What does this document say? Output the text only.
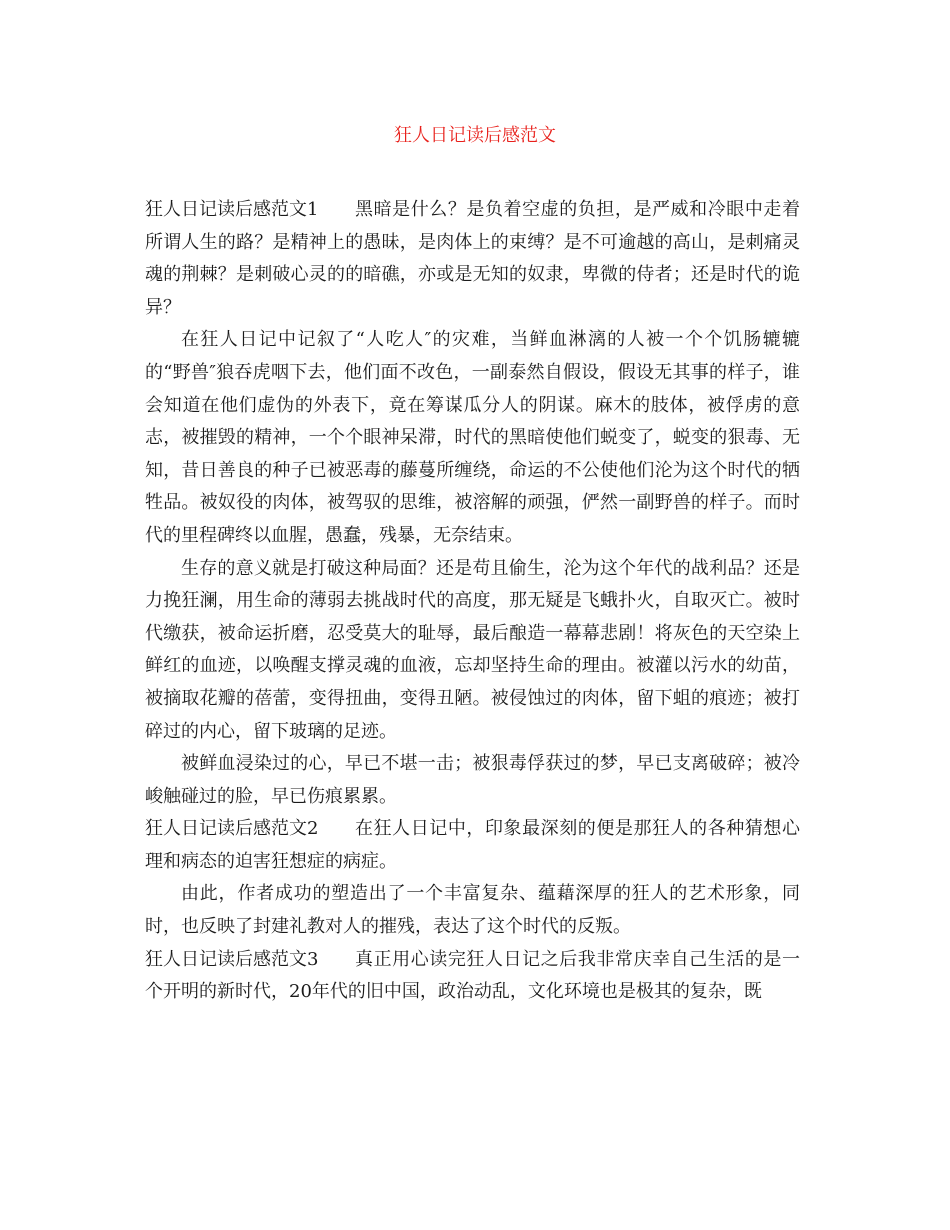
狂人日记读后感范文

狂人日记读后感范文1 黑暗是什么？是负着空虚的负担，是严威和冷眼中走着所谓人生的路？是精神上的愚昧，是肉体上的束缚？是不可逾越的高山，是刺痛灵魂的荆棘？是刺破心灵的的暗礁，亦或是无知的奴隶，卑微的侍者；还是时代的诡异？

在狂人日记中记叙了“人吃人″的灾难，当鲜血淋漓的人被一个个饥肠辘辘的“野兽″狼吞虎咽下去，他们面不改色，一副泰然自假设，假设无其事的样子，谁会知道在他们虚伪的外表下，竟在筹谋瓜分人的阴谋。麻木的肢体，被俘虏的意志，被摧毁的精神，一个个眼神呆滞，时代的黑暗使他们蜕变了，蜕变的狠毒、无知，昔日善良的种子已被恶毒的藤蔓所缠绕，命运的不公使他们沦为这个时代的牺牲品。被奴役的肉体，被驾驭的思维，被溶解的顽强，俨然一副野兽的样子。而时代的里程碑终以血腥，愚蠢，残暴，无奈结束。

生存的意义就是打破这种局面？还是苟且偷生，沦为这个年代的战利品？还是力挽狂澜，用生命的薄弱去挑战时代的高度，那无疑是飞蛾扑火，自取灭亡。被时代缴获，被命运折磨，忍受莫大的耻辱，最后酿造一幕幕悲剧！将灰色的天空染上鲜红的血迹，以唤醒支撑灵魂的血液，忘却坚持生命的理由。被灌以污水的幼苗，被摘取花瓣的蓓蕾，变得扭曲，变得丑陋。被侵蚀过的肉体，留下蛆的痕迹；被打碎过的内心，留下玻璃的足迹。

被鲜血浸染过的心，早已不堪一击；被狠毒俘获过的梦，早已支离破碎；被冷峻触碰过的脸，早已伤痕累累。

狂人日记读后感范文2 在狂人日记中，印象最深刻的便是那狂人的各种猜想心理和病态的迫害狂想症的病症。

由此，作者成功的塑造出了一个丰富复杂、蕴藉深厚的狂人的艺术形象，同时，也反映了封建礼教对人的摧残，表达了这个时代的反叛。

狂人日记读后感范文3 真正用心读完狂人日记之后我非常庆幸自己生活的是一个开明的新时代，20年代的旧中国，政治动乱，文化环境也是极其的复杂，既
